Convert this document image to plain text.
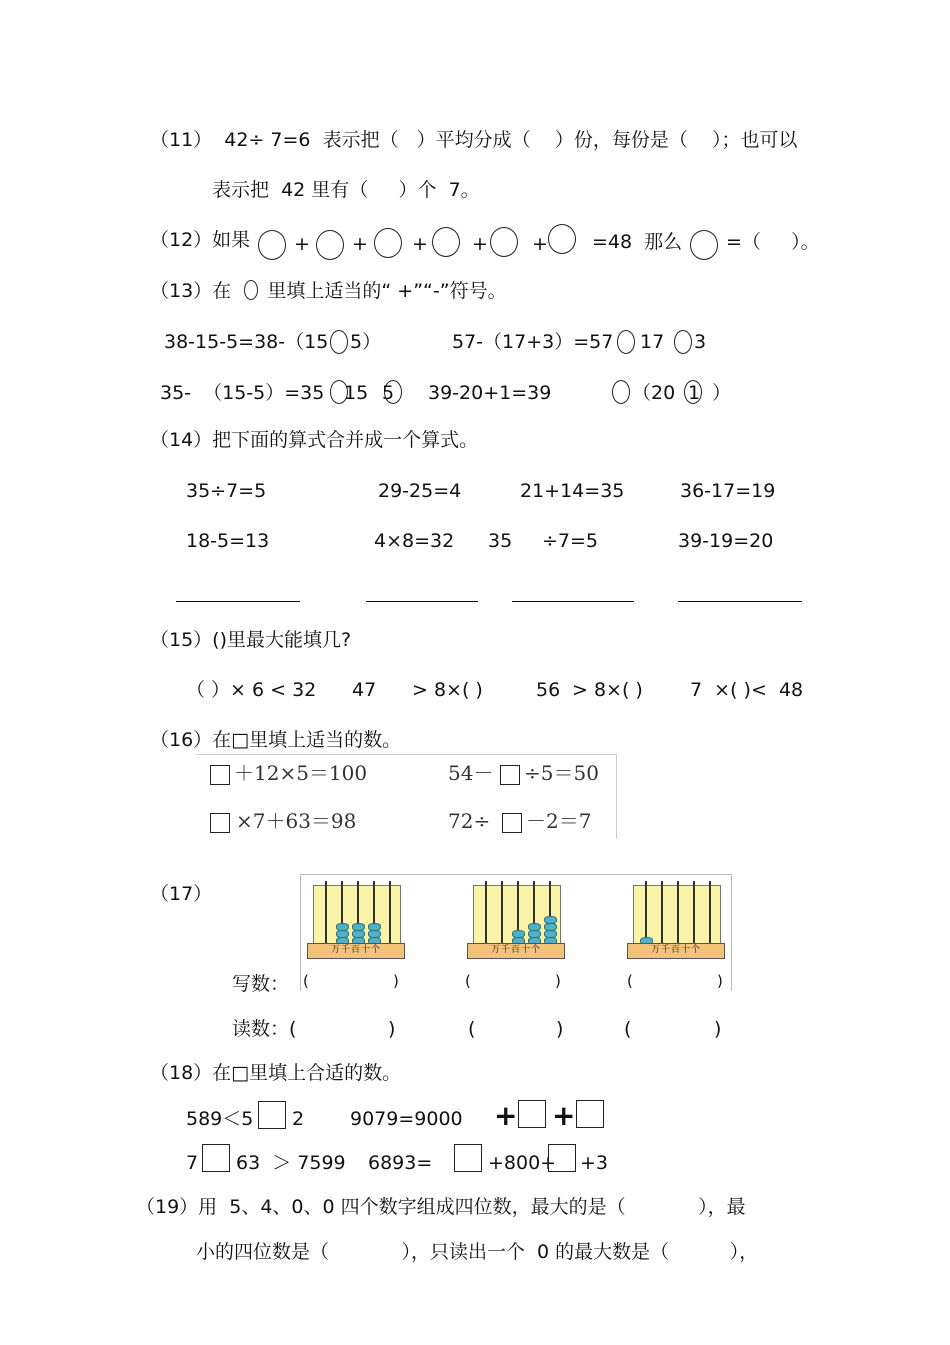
（11）  42÷ 7=6  表示把（   ）平均分成（    ）份，每份是（    ）；也可以
表示把  42 里有（     ）个  7。
（12）如果 + + + + + =48  那么 =（     ）。
（13）在      里填上适当的“ +”“-”符号。
38-15-5=38-（15 5）	57-（17+3）=57 17 3
35-  （15-5）=35 15 5 39-20+1=39	（20 1 ）
（14）把下面的算式合并成一个算式。
35÷7=5	29-25=4	21+14=35	36-17=19
18-5=13	4×8=32 35 ÷7=5	39-19=20
（15）()里最大能填几?
（ ）× 6 < 32 47 > 8×( )	56 > 8×( ) 7  ×( )<  48
（16）在□里填上适当的数。
＋12×5＝100	54－ ÷5＝50
×7＋63＝98	72÷ －2＝7
（17）
万千百十个	万千百十个	万千百十个
(	)	(	)	(	)
写数：
读数：(	)	(	)	(	)
（18）在□里填上合适的数。
589＜5 2 9079=9000 + +
7 63  ＞ 7599 6893=	+800+ +3
（19）用  5、4、0、0 四个数字组成四位数，最大的是（            ），最
小的四位数是（            ），只读出一个  0 的最大数是（          ），
